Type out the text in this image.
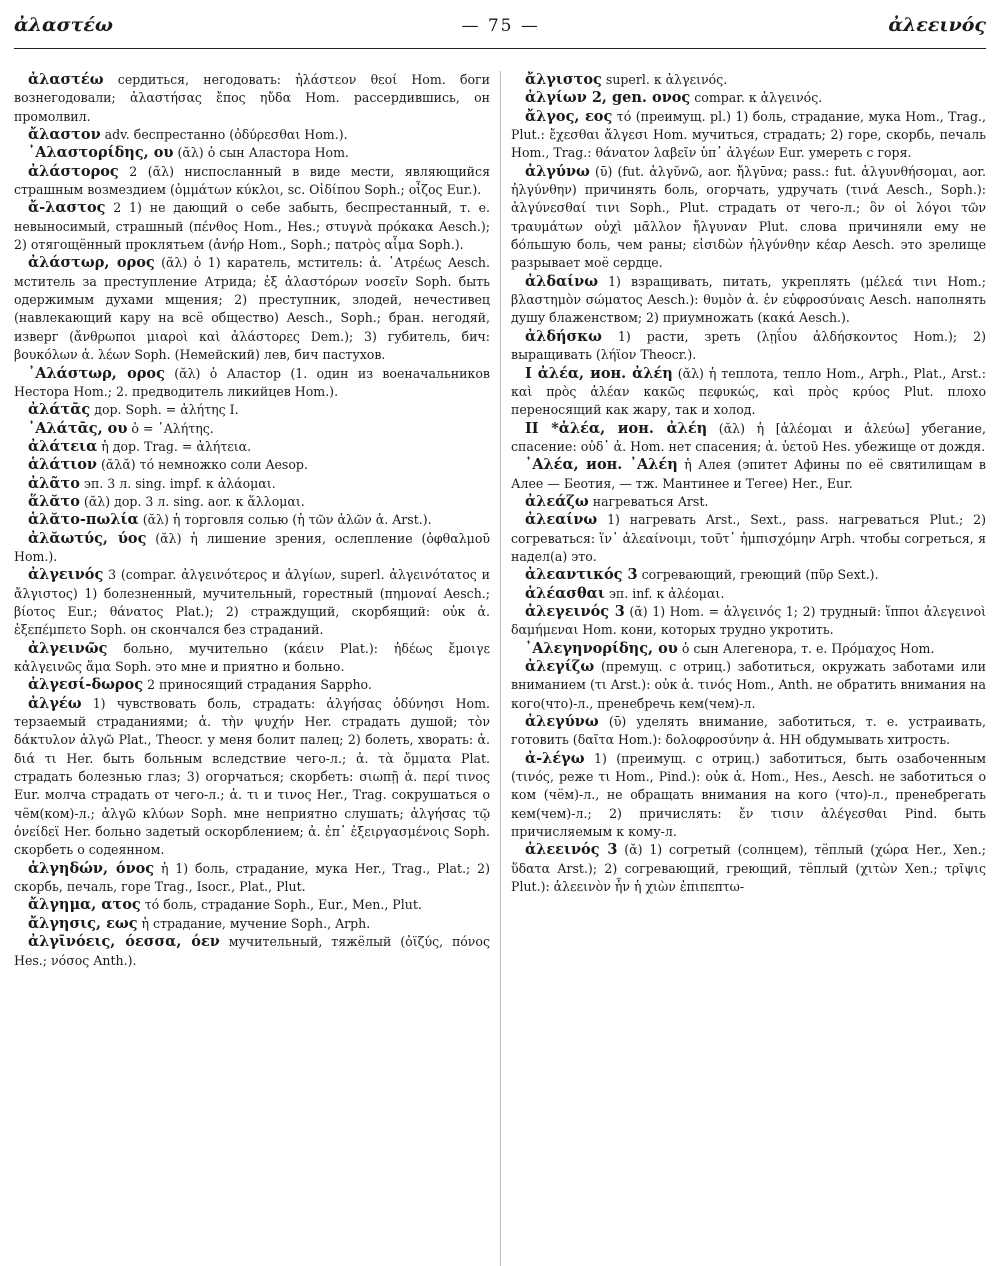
ἀλαστέω	— 75 —	ἀλεεινός

ἀλαστέω сердиться, негодовать: ἠλάστεον θεοί Hom. боги вознегодовали; ἀλαστήσας ἔπος ηὔδα Hom. рассердившись, он промолвил.

ἄλαστον adv. беспрестанно (ὀδύρεσθαι Hom.).

᾿Αλαστορίδης, ου (ᾰλ) ὁ сын Аластора Hom.

ἀλάστορος 2 (ᾰλ) ниспосланный в виде мести, являющийся страшным возмездием (ὀμμάτων κύκλοι, sc. Οἰδίπου Soph.; οἶζος Eur.).

ἄ-λαστος 2 1) не дающий о себе забыть, беспрестанный, т. е. невыносимый, страшный (πένθος Hom., Hes.; στυγνὰ πρόκακα Aesch.); 2) отягощённый проклятьем (ἀνήρ Hom., Soph.; πατρὸς αἷμα Soph.).

ἀλάστωρ, ορος (ᾰλ) ὁ 1) каратель, мститель: ἀ. ᾿Ατρέως Aesch. мститель за преступление Атрида; ἐξ ἀλαστόρων νοσεῖν Soph. быть одержимым духами мщения; 2) преступник, злодей, нечестивец (навлекающий кару на всё общество) Aesch., Soph.; бран. негодяй, изверг (ἄνθρωποι μιαροὶ καὶ ἀλάστορες Dem.); 3) губитель, бич: βουκόλων ἀ. λέων Soph. (Немейский) лев, бич пастухов.

᾿Αλάστωρ, ορος (ᾰλ) ὁ Аластор (1. один из военачальников Нестора Hom.; 2. предводитель ликийцев Hom.).

ἀλάτᾱς дор. Soph. = ἀλήτης I.

᾿Αλάτᾱς, ου ὁ = ᾿Αλήτης.

ἀλάτεια ἡ дор. Trag. = ἀλήτεια.

ἁλάτιον (ᾰλᾰ) τό немножко соли Aesop.

ἀλᾶτο эп. 3 л. sing. impf. к ἀλάομαι.

ἅλᾰτο (ᾰλ) дор. 3 л. sing. aor. к ἅλλομαι.

ἁλᾰτο-πωλία (ᾰλ) ἡ торговля солью (ἡ τῶν ἁλῶν ἀ. Arst.).

ἀλᾰωτύς, ύος (ᾰλ) ἡ лишение зрения, ослепление (ὀφθαλμοῦ Hom.).

ἀλγεινός 3 (compar. ἀλγεινότερος и ἀλγίων, superl. ἀλγεινότατος и ἄλγιστος) 1) болезненный, мучительный, горестный (πημοναί Aesch.; βίοτος Eur.; θάνατος Plat.); 2) страждущий, скорбящий: οὐκ ἀ. ἐξεπέμπετο Soph. он скончался без страданий.

ἀλγεινῶς больно, мучительно (κάειν Plat.): ἡδέως ἔμοιγε κἀλγεινῶς ἅμα Soph. это мне и приятно и больно.

ἀλγεσί-δωρος 2 приносящий страдания Sappho.

ἀλγέω 1) чувствовать боль, страдать: ἀλγήσας ὀδύνησι Hom. терзаемый страданиями; ἀ. τὴν ψυχήν Her. страдать душой; τὸν δάκτυλον ἀλγῶ Plat., Theocr. у меня болит палец; 2) болеть, хворать: ἀ. διά τι Her. быть больным вследствие чего-л.; ἀ. τὰ ὄμματα Plat. страдать болезнью глаз; 3) огорчаться; скорбеть: σιωπῇ ἀ. περί τινος Eur. молча страдать от чего-л.; ἀ. τι и τινος Her., Trag. сокрушаться о чём(ком)-л.; ἀλγῶ κλύων Soph. мне неприятно слушать; ἀλγήσας τῷ ὀνείδεϊ Her. больно задетый оскорблением; ἀ. ἐπ᾿ ἐξειργασμένοις Soph. скорбеть о содеянном.

ἀλγηδών, όνος ἡ 1) боль, страдание, мука Her., Trag., Plat.; 2) скорбь, печаль, горе Trag., Isocr., Plat., Plut.

ἄλγημα, ατος τό боль, страдание Soph., Eur., Men., Plut.

ἄλγησις, εως ἡ страдание, мучение Soph., Arph.

ἀλγῑνόεις, όεσσα, όεν мучительный, тяжёлый (ὀϊζύς, πόνος Hes.; νόσος Anth.).

ἄλγιστος superl. к ἀλγεινός.

ἀλγίων 2, gen. ονος compar. к ἀλγεινός.

ἄλγος, εος τό (преимущ. pl.) 1) боль, страдание, мука Hom., Trag., Plut.: ἔχεσθαι ἄλγεσι Hom. мучиться, страдать; 2) горе, скорбь, печаль Hom., Trag.: θάνατον λαβεῖν ὑπ᾿ ἀλγέων Eur. умереть с горя.

ἀλγύνω (ῡ) (fut. ἀλγῠνῶ, aor. ἤλγῡνα; pass.: fut. ἀλγυνθήσομαι, aor. ἠλγύνθην) причинять боль, огорчать, удручать (τινά Aesch., Soph.): ἀλγύνεσθαί τινι Soph., Plut. страдать от чего-л.; ὃν οἱ λόγοι τῶν τραυμάτων οὐχὶ μᾶλλον ἤλγυναν Plut. слова причиняли ему не бо́льшую боль, чем раны; εἰσιδὼν ἠλγύνθην κέαρ Aesch. это зрелище разрывает моё сердце.

ἀλδαίνω 1) взращивать, питать, укреплять (μέλεά τινι Hom.; βλαστημὸν σώματος Aesch.): θυμὸν ἀ. ἐν εὐφροσύναις Aesch. наполнять душу блаженством; 2) приумножать (κακά Aesch.).

ἀλδήσκω 1) расти, зреть (λῃΐου ἀλδήσκοντος Hom.); 2) выращивать (λήϊον Theocr.).

I ἀλέα, ион. ἀλέη (ᾰλ) ἡ теплота, тепло Hom., Arph., Plat., Arst.: καὶ πρὸς ἀλέαν κακῶς πεφυκώς, καὶ πρὸς κρύος Plut. плохо переносящий как жару, так и холод.

II *ἀλέα, ион. ἀλέη (ᾰλ) ἡ [ἀλέομαι и ἀλεύω] убегание, спасение: οὐδ᾿ ἀ. Hom. нет спасения; ἀ. ὑετοῦ Hes. убежище от дождя.

᾿Αλέα, ион. ᾿Αλέη ἡ Алея (эпитет Афины по её святилищам в Алее — Беотия, — тж. Мантинее и Тегее) Her., Eur.

ἀλεάζω нагреваться Arst.

ἀλεαίνω 1) нагревать Arst., Sext., pass. нагреваться Plut.; 2) согреваться: ἵν᾿ ἀλεαίνοιμι, τοῦτ᾿ ἠμπισχόμην Arph. чтобы согреться, я надел(а) это.

ἀλεαντικός 3 согревающий, греющий (πῦρ Sext.).

ἀλέασθαι эп. inf. к ἀλέομαι.

ἀλεγεινός 3 (ᾰ) 1) Hom. = ἀλγεινός 1; 2) трудный: ἵπποι ἀλεγεινοὶ δαμήμεναι Hom. кони, которых трудно укротить.

᾿Αλεγηνορίδης, ου ὁ сын Алегенора, т. е. Πρόμαχος Hom.

ἀλεγίζω (премущ. с отриц.) заботиться, окружать заботами или вниманием (τι Arst.): οὐκ ἀ. τινός Hom., Anth. не обратить внимания на кого(что)-л., пренебречь кем(чем)-л.

ἀλεγύνω (ῡ) уделять внимание, заботиться, т. е. устраивать, готовить (δαῖτα Hom.): δολοφροσύνην ἀ. HH обдумывать хитрость.

ἀ-λέγω 1) (преимущ. с отриц.) заботиться, быть озабоченным (τινός, реже τι Hom., Pind.): οὐκ ἀ. Hom., Hes., Aesch. не заботиться о ком (чём)-л., не обращать внимания на кого (что)-л., пренебрегать кем(чем)-л.; 2) причислять: ἔν τισιν ἀλέγεσθαι Pind. быть причисляемым к кому-л.

ἀλεεινός 3 (ᾰ) 1) согретый (солнцем), тёплый (χώρα Her., Xen.; ὕδατα Arst.); 2) согревающий, греющий, тёплый (χιτὼν Xen.; τρῖψις Plut.): ἀλεεινὸν ἦν ἡ χιὼν ἐπιπεπτω-
